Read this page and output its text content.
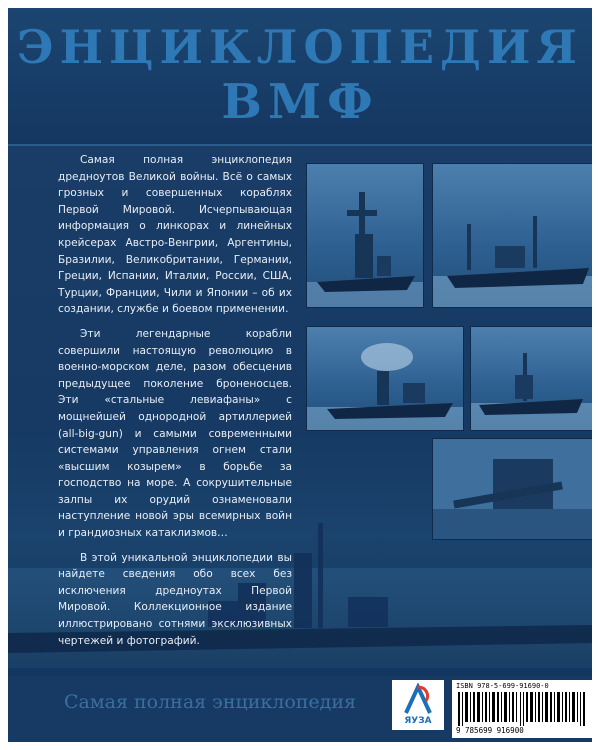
ЭНЦИКЛОПЕДИЯ
ВМФ

Самая полная энциклопедия

ЯУЗА
ISBN 978-5-699-91690-0
9 785699 916900

Самая полная энциклопедия дредноутов Великой войны. Всё о самых грозных и совершенных кораблях Первой Мировой. Исчерпывающая информация о линкорах и линейных крейсерах Австро-Венгрии, Аргентины, Бразилии, Великобритании, Германии, Греции, Испании, Италии, России, США, Турции, Франции, Чили и Японии – об их создании, службе и боевом применении.

Эти легендарные корабли совершили настоящую революцию в военно-морском деле, разом обесценив предыдущее поколение броненосцев. Эти «стальные левиафаны» с мощнейшей однородной артиллерией (all-big-gun) и самыми современными системами управления огнем стали «высшим козырем» в борьбе за господство на море. А сокрушительные залпы их орудий ознаменовали наступление новой эры всемирных войн и грандиозных катаклизмов…

В этой уникальной энциклопедии вы найдете сведения обо всех без исключения дредноутах Первой Мировой. Коллекционное издание иллюстрировано сотнями эксклюзивных чертежей и фотографий.
